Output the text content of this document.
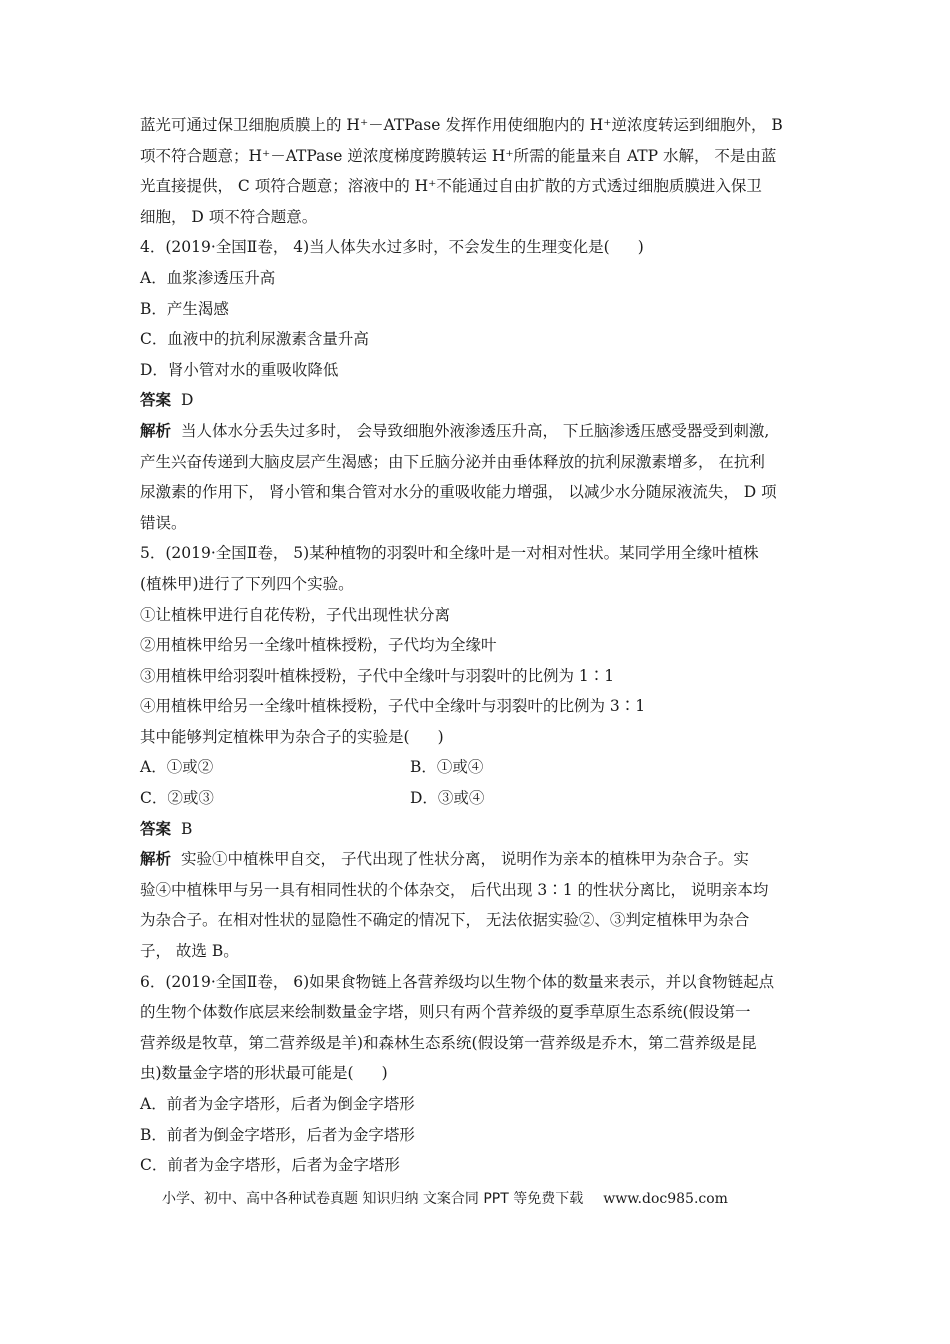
蓝光可通过保卫细胞质膜上的 H⁺－ATPase 发挥作用使细胞内的 H⁺逆浓度转运到细胞外， B

项不符合题意；H⁺－ATPase 逆浓度梯度跨膜转运 H⁺所需的能量来自 ATP 水解， 不是由蓝

光直接提供， C 项符合题意；溶液中的 H⁺不能通过自由扩散的方式透过细胞质膜进入保卫

细胞， D 项不符合题意。

4．(2019·全国Ⅱ卷， 4)当人体失水过多时，不会发生的生理变化是( )

A．血浆渗透压升高

B．产生渴感

C．血液中的抗利尿激素含量升高

D．肾小管对水的重吸收降低

答案 D

解析 当人体水分丢失过多时， 会导致细胞外液渗透压升高， 下丘脑渗透压感受器受到刺激,

产生兴奋传递到大脑皮层产生渴感；由下丘脑分泌并由垂体释放的抗利尿激素增多， 在抗利

尿激素的作用下， 肾小管和集合管对水分的重吸收能力增强， 以减少水分随尿液流失， D 项

错误。

5．(2019·全国Ⅱ卷， 5)某种植物的羽裂叶和全缘叶是一对相对性状。某同学用全缘叶植株

(植株甲)进行了下列四个实验。

①让植株甲进行自花传粉，子代出现性状分离

②用植株甲给另一全缘叶植株授粉，子代均为全缘叶

③用植株甲给羽裂叶植株授粉，子代中全缘叶与羽裂叶的比例为 1∶1

④用植株甲给另一全缘叶植株授粉，子代中全缘叶与羽裂叶的比例为 3∶1

其中能够判定植株甲为杂合子的实验是( )

A．①或②	B．①或④

C．②或③	D．③或④

答案 B

解析 实验①中植株甲自交， 子代出现了性状分离， 说明作为亲本的植株甲为杂合子。实

验④中植株甲与另一具有相同性状的个体杂交， 后代出现 3∶1 的性状分离比， 说明亲本均

为杂合子。在相对性状的显隐性不确定的情况下， 无法依据实验②、③判定植株甲为杂合

子， 故选 B。

6．(2019·全国Ⅱ卷， 6)如果食物链上各营养级均以生物个体的数量来表示，并以食物链起点

的生物个体数作底层来绘制数量金字塔，则只有两个营养级的夏季草原生态系统(假设第一

营养级是牧草，第二营养级是羊)和森林生态系统(假设第一营养级是乔木，第二营养级是昆

虫)数量金字塔的形状最可能是( )

A．前者为金字塔形，后者为倒金字塔形

B．前者为倒金字塔形，后者为金字塔形

C．前者为金字塔形，后者为金字塔形

小学、初中、高中各种试卷真题 知识归纳 文案合同 PPT 等免费下载 www.doc985.com
